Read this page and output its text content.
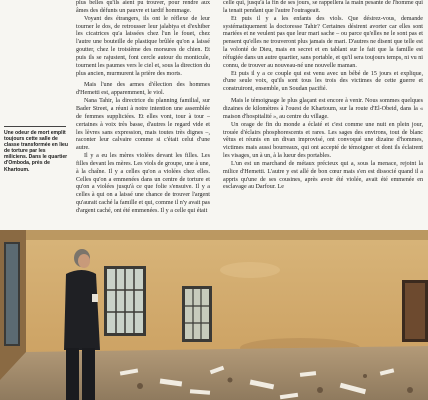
plus belles qu'ils aient pu trouver, pour rendre aux âmes des défunts un pauvre et tardif hommage.

Voyant des étrangers, ils ont le réflexe de leur tourner le dos, de retrousser leur jalabiya et d'exhiber les cicatrices qu'a laissées chez l'un le fouet, chez l'autre une bouteille de plastique brûlée qu'on a laissé goutter, chez le troisième des morsures de chien. Et puis ils se rajustent, font cercle autour du monticule, tournent les paumes vers le ciel et, sous la direction du plus ancien, murmurent la prière des morts.

Mais l'une des armes d'élection des hommes d'Hemetti est, apparemment, le viol.

Nana Tahir, la directrice du planning familial, sur Bader Street, a réuni à notre intention une assemblée de femmes suppliciées. Et elles vont, tour à tour – certaines à voix très basse, d'autres le regard vide et les lèvres sans expression, mais toutes très dignes –, raconter leur calvaire comme si c'était celui d'une autre.

Il y a eu les mères violées devant les filles. Les filles devant les mères. Les viols de groupe, une à une, à la chaîne. Il y a celles qu'on a violées chez elles. Celles qu'on a emmenées dans un centre de torture et qu'on a violées jusqu'à ce que folie s'ensuive. Il y a celles à qui on a laissé une chance de trouver l'argent qu'aurait caché la famille et qui, comme il n'y avait pas d'argent caché, ont été emmenées. Il y a celle qui était

celle qui, jusqu'à la fin de ses jours, se rappellera la main pesante de l'homme qui la tenait pendant que l'autre l'outrageait.

Et puis il y a les enfants des viols. Que désirez-vous, demande systématiquement la doctoresse Tahir? Certaines désirent avorter car elles sont mariées et ne veulent pas que leur mari sache – ou parce qu'elles ne le sont pas et pensent qu'elles ne trouveront plus jamais de mari. D'autres ne disent que telle est la volonté de Dieu, mais en secret et en tablant sur le fait que la famille est réfugiée dans un autre quartier, sans portable, et qu'il sera toujours temps, ni vu ni connu, de trouver au nouveau-né une nouvelle maman.

Et puis il y a ce couple qui est venu avec un bébé de 15 jours et explique, d'une seule voix, qu'ils sont tous les trois des victimes de cette guerre et construiront, ensemble, un Soudan pacifié.

Mais le témoignage le plus glaçant est encore à venir. Nous sommes quelques dizaines de kilomètres à l'ouest de Khartoum, sur la route d'El-Obeid, dans la « maison d'hospitalité », au centre du village.

Un orage de fin du monde a éclaté et c'est comme une nuit en plein jour, trouée d'éclairs phosphorescents et rares. Les sages des environs, tout de blanc vêtus et réunis en un divan improvisé, ont convoqué une dizaine d'hommes, victimes mais aussi bourreaux, qui ont accepté de témoigner et dont ils éclairent les visages, un à un, à la lueur des portables.

L'un est un marchand de métaux précieux qui a, sous la menace, rejoint la milice d'Hemetti. L'autre y est allé de bon cœur mais s'en est dissocié quand il a appris qu'une de ses cousines, après avoir été violée, avait été emmenée en esclavage au Darfour. Le

Une odeur de mort emplit toujours cette salle de classe transformée en lieu de torture par les miliciens. Dans le quartier d'Omboda, près de Khartoum.
